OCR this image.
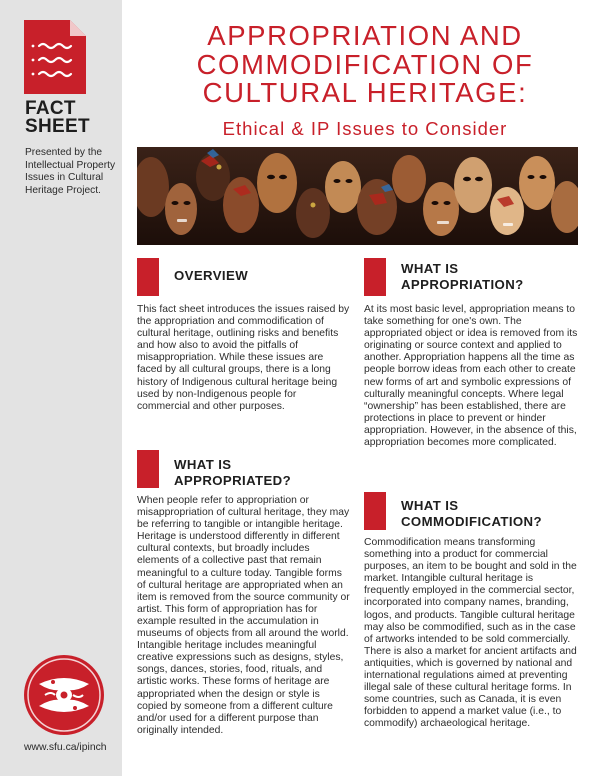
FACT
SHEET
Presented by the Intellectual Property Issues in Cultural Heritage Project.
www.sfu.ca/ipinch
APPROPRIATION AND COMMODIFICATION OF CULTURAL HERITAGE:
Ethical & IP Issues to Consider
OVERVIEW

This fact sheet introduces the issues raised by the appropriation and commodification of cultural heritage, outlining risks and benefits and how also to avoid the pitfalls of misappropriation. While these issues are faced by all cultural groups, there is a long history of Indigenous cultural heritage being used by non-Indigenous people for commercial and other purposes.

WHAT IS
APPROPRIATED?

When people refer to appropriation or misappropriation of cultural heritage, they may be referring to tangible or intangible heritage. Heritage is understood differently in different cultural contexts, but broadly includes elements of a collective past that remain meaningful to a culture today. Tangible forms of cultural heritage are appropriated when an item is removed from the source community or artist. This form of appropriation has for example resulted in the accumulation in museums of objects from all around the world. Intangible heritage includes meaningful creative expressions such as designs, styles, songs, dances, stories, food, rituals, and artistic works. These forms of heritage are appropriated when the design or style is copied by someone from a different culture and/or used for a different purpose than originally intended.

WHAT IS
APPROPRIATION?

At its most basic level, appropriation means to take something for one's own. The appropriated object or idea is removed from its originating or source context and applied to another. Appropriation happens all the time as people borrow ideas from each other to create new forms of art and symbolic expressions of culturally meaningful concepts. Where legal “ownership” has been established, there are protections in place to prevent or hinder appropriation. However, in the absence of this, appropriation becomes more complicated.

WHAT IS
COMMODIFICATION?

Commodification means transforming something into a product for commercial purposes, an item to be bought and sold in the market. Intangible cultural heritage is frequently employed in the commercial sector, incorporated into company names, branding, logos, and products. Tangible cultural heritage may also be commodified, such as in the case of artworks intended to be sold commercially. There is also a market for ancient artifacts and antiquities, which is governed by national and international regulations aimed at preventing illegal sale of these cultural heritage forms. In some countries, such as Canada, it is even forbidden to append a market value (i.e., to commodify) archaeological heritage.
